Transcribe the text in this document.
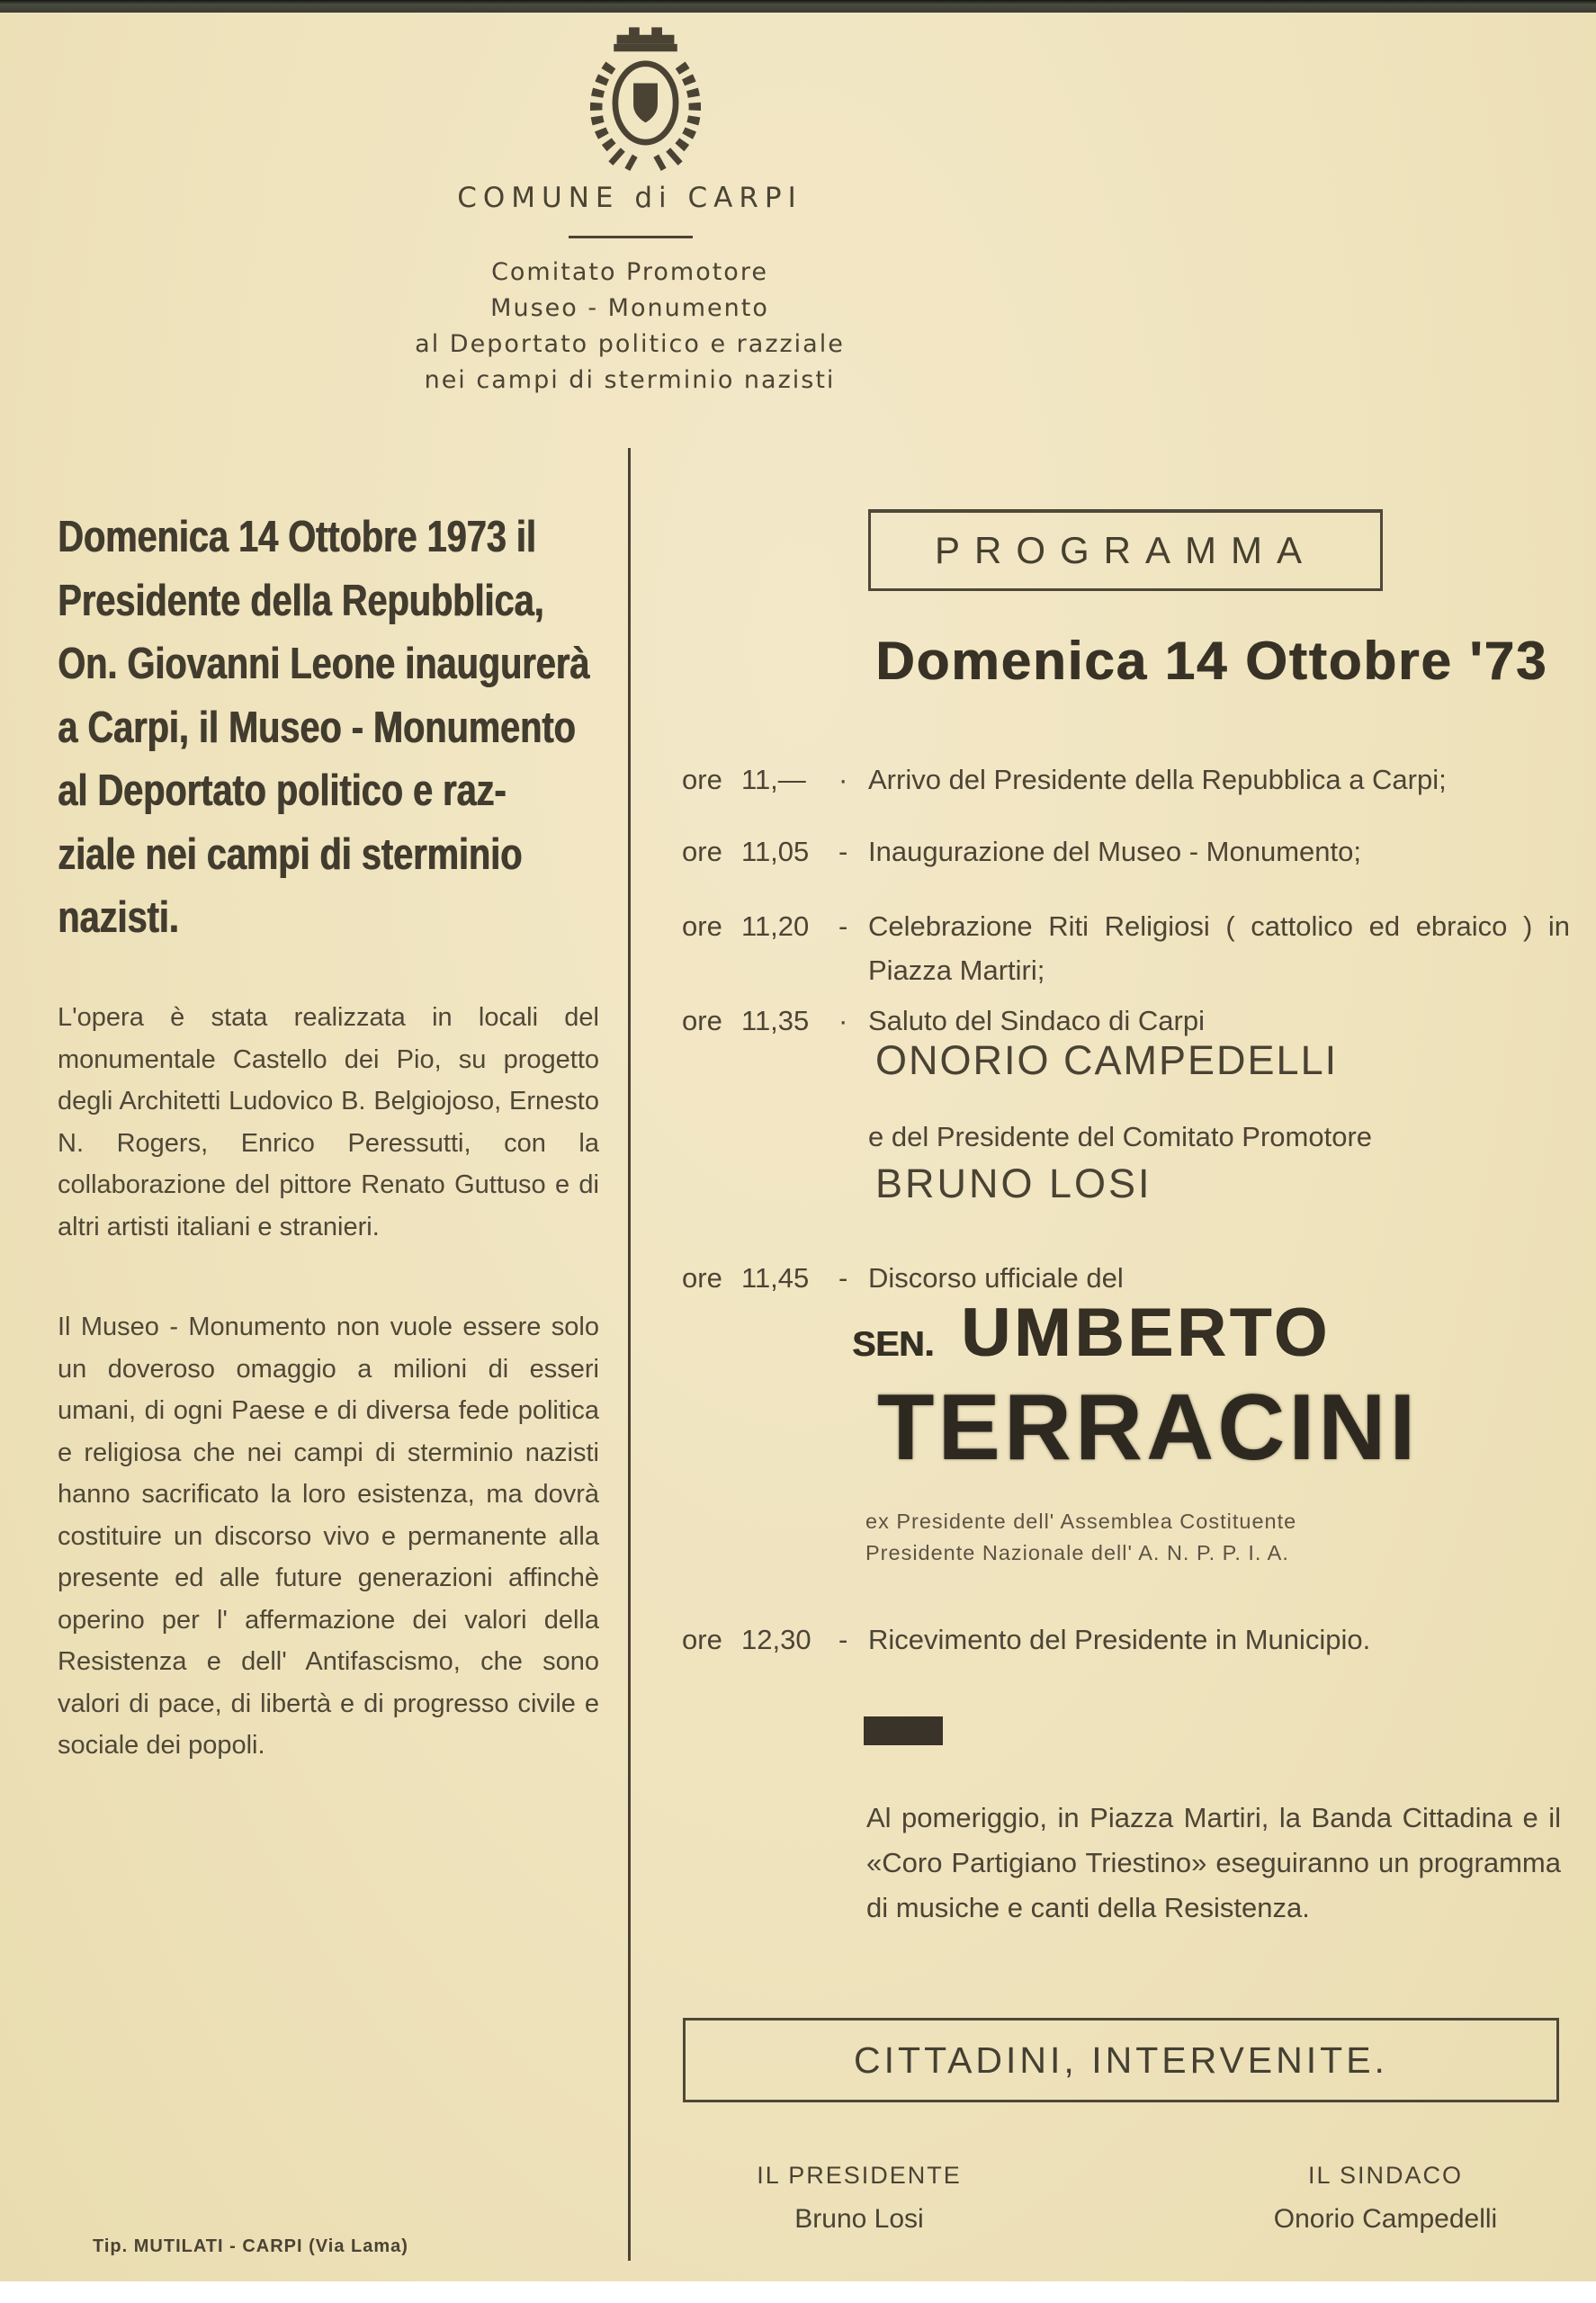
COMUNE di CARPI
Comitato Promotore
Museo - Monumento
al Deportato politico e razziale
nei campi di sterminio nazisti
Domenica 14 Ottobre 1973 il
Presidente della Repubblica,
On. Giovanni Leone inaugurerà
a Carpi, il Museo - Monumento
al Deportato politico e raz-
ziale nei campi di sterminio
nazisti.

L'opera è stata realizzata in locali del monumentale Castello dei Pio, su progetto degli Architetti Ludovico B. Belgiojoso, Ernesto N. Rogers, Enrico Peressutti, con la collaborazione del pittore Renato Guttuso e di altri artisti italiani e stranieri.

Il Museo - Monumento non vuole essere solo un doveroso omaggio a milioni di esseri umani, di ogni Paese e di diversa fede politica e religiosa che nei campi di sterminio nazisti hanno sacrificato la loro esistenza, ma dovrà costituire un discorso vivo e permanente alla presente ed alle future generazioni affinchè operino per l' affermazione dei valori della Resistenza e dell' Antifascismo, che sono valori di pace, di libertà e di progresso civile e sociale dei popoli.

Tip. MUTILATI - CARPI (Via Lama)
PROGRAMMA
Domenica 14 Ottobre '73
ore 11,— · Arrivo del Presidente della Repubblica a Carpi;
ore 11,05 - Inaugurazione del Museo - Monumento;
ore 11,20 - Celebrazione Riti Religiosi ( cattolico ed ebraico ) in Piazza Martiri;
ore 11,35 · Saluto del Sindaco di Carpi
ONORIO CAMPEDELLI
e del Presidente del Comitato Promotore
BRUNO LOSI
ore 11,45 - Discorso ufficiale del
SEN. UMBERTO
TERRACINI
ex Presidente dell' Assemblea Costituente
Presidente Nazionale dell' A. N. P. P. I. A.
ore 12,30 - Ricevimento del Presidente in Municipio.

Al pomeriggio, in Piazza Martiri, la Banda Cittadina e il «Coro Partigiano Triestino» eseguiranno un programma di musiche e canti della Resistenza.

CITTADINI, INTERVENITE.
IL PRESIDENTE
Bruno Losi
IL SINDACO
Onorio Campedelli
